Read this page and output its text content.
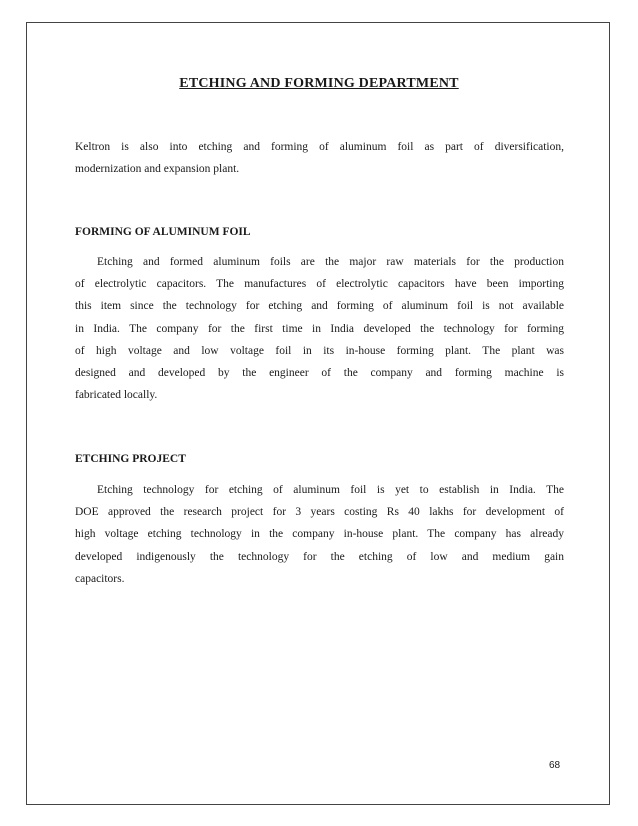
ETCHING AND FORMING DEPARTMENT

Keltron is also into etching and forming of aluminum foil as part of diversification,
modernization and expansion plant.

FORMING OF ALUMINUM FOIL

Etching and formed aluminum foils are the major raw materials for the production
of electrolytic capacitors. The manufactures of electrolytic capacitors have been importing
this item since the technology for etching and forming of aluminum foil is not available
in India. The company for the first time in India developed the technology for forming
of high voltage and low voltage foil in its in-house forming plant. The plant was
designed and developed by the engineer of the company and forming machine is
fabricated locally.

ETCHING PROJECT

Etching technology for etching of aluminum foil is yet to establish in India. The
DOE approved the research project for 3 years costing Rs 40 lakhs for development of
high voltage etching technology in the company in-house plant. The company has already
developed indigenously the technology for the etching of low and medium gain
capacitors.

68
